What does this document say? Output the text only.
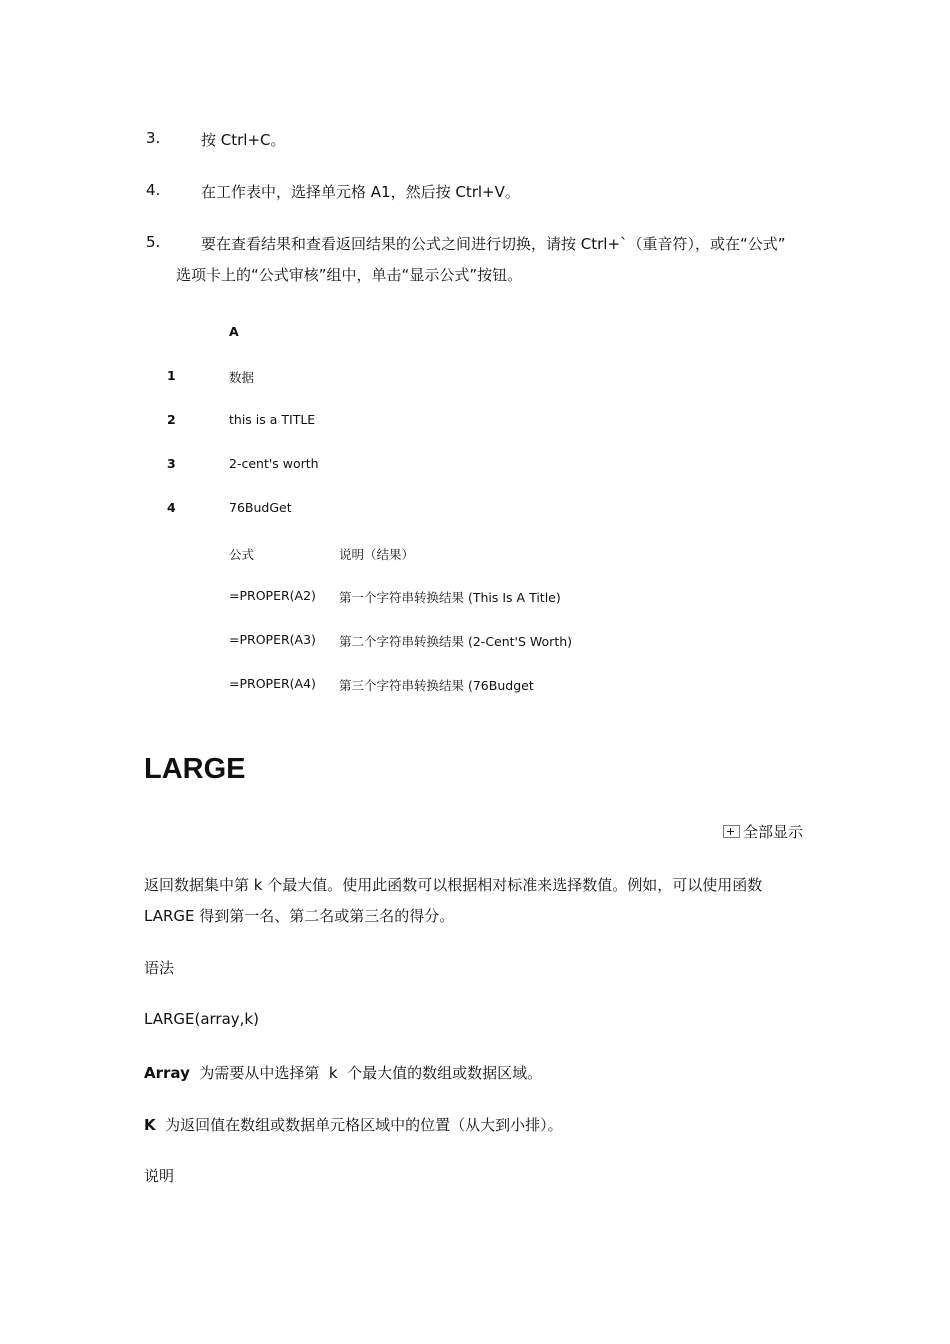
3.	按 Ctrl+C。
4.	在工作表中，选择单元格 A1，然后按 Ctrl+V。
5.	要在查看结果和查看返回结果的公式之间进行切换，请按 Ctrl+`（重音符），或在“公式”
选项卡上的“公式审核”组中，单击“显示公式”按钮。
A
1	数据
2	this is a TITLE
3	2-cent's worth
4	76BudGet
公式	说明（结果）
=PROPER(A2) 第一个字符串转换结果 (This Is A Title)
=PROPER(A3) 第二个字符串转换结果 (2-Cent'S Worth)
=PROPER(A4) 第三个字符串转换结果 (76Budget
LARGE
全部显示
返回数据集中第 k 个最大值。使用此函数可以根据相对标准来选择数值。例如，可以使用函数
LARGE 得到第一名、第二名或第三名的得分。
语法
LARGE(array,k)
Array  为需要从中选择第  k  个最大值的数组或数据区域。
K  为返回值在数组或数据单元格区域中的位置（从大到小排）。
说明
